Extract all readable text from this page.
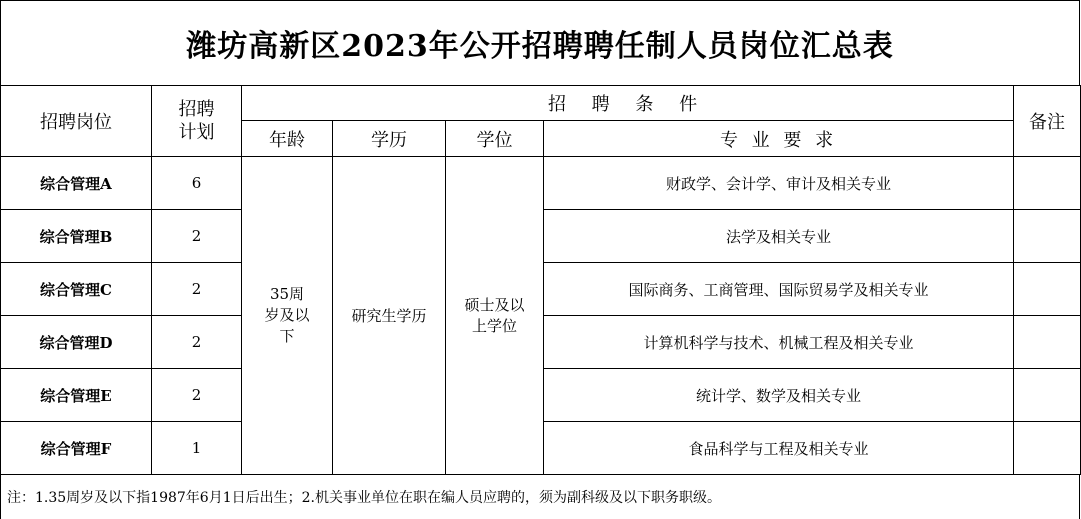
潍坊高新区2023年公开招聘聘任制人员岗位汇总表
招聘岗位	招聘计划	招 聘 条 件				备注
		年龄	学历	学位	专 业 要 求	
综合管理A	6	35周岁及以下	研究生学历	硕士及以上学位	财政学、会计学、审计及相关专业	
综合管理B	2				法学及相关专业	
综合管理C	2				国际商务、工商管理、国际贸易学及相关专业	
综合管理D	2				计算机科学与技术、机械工程及相关专业	
综合管理E	2				统计学、数学及相关专业	
综合管理F	1				食品科学与工程及相关专业	
注：1.35周岁及以下指1987年6月1日后出生；2.机关事业单位在职在编人员应聘的，须为副科级及以下职务职级。
